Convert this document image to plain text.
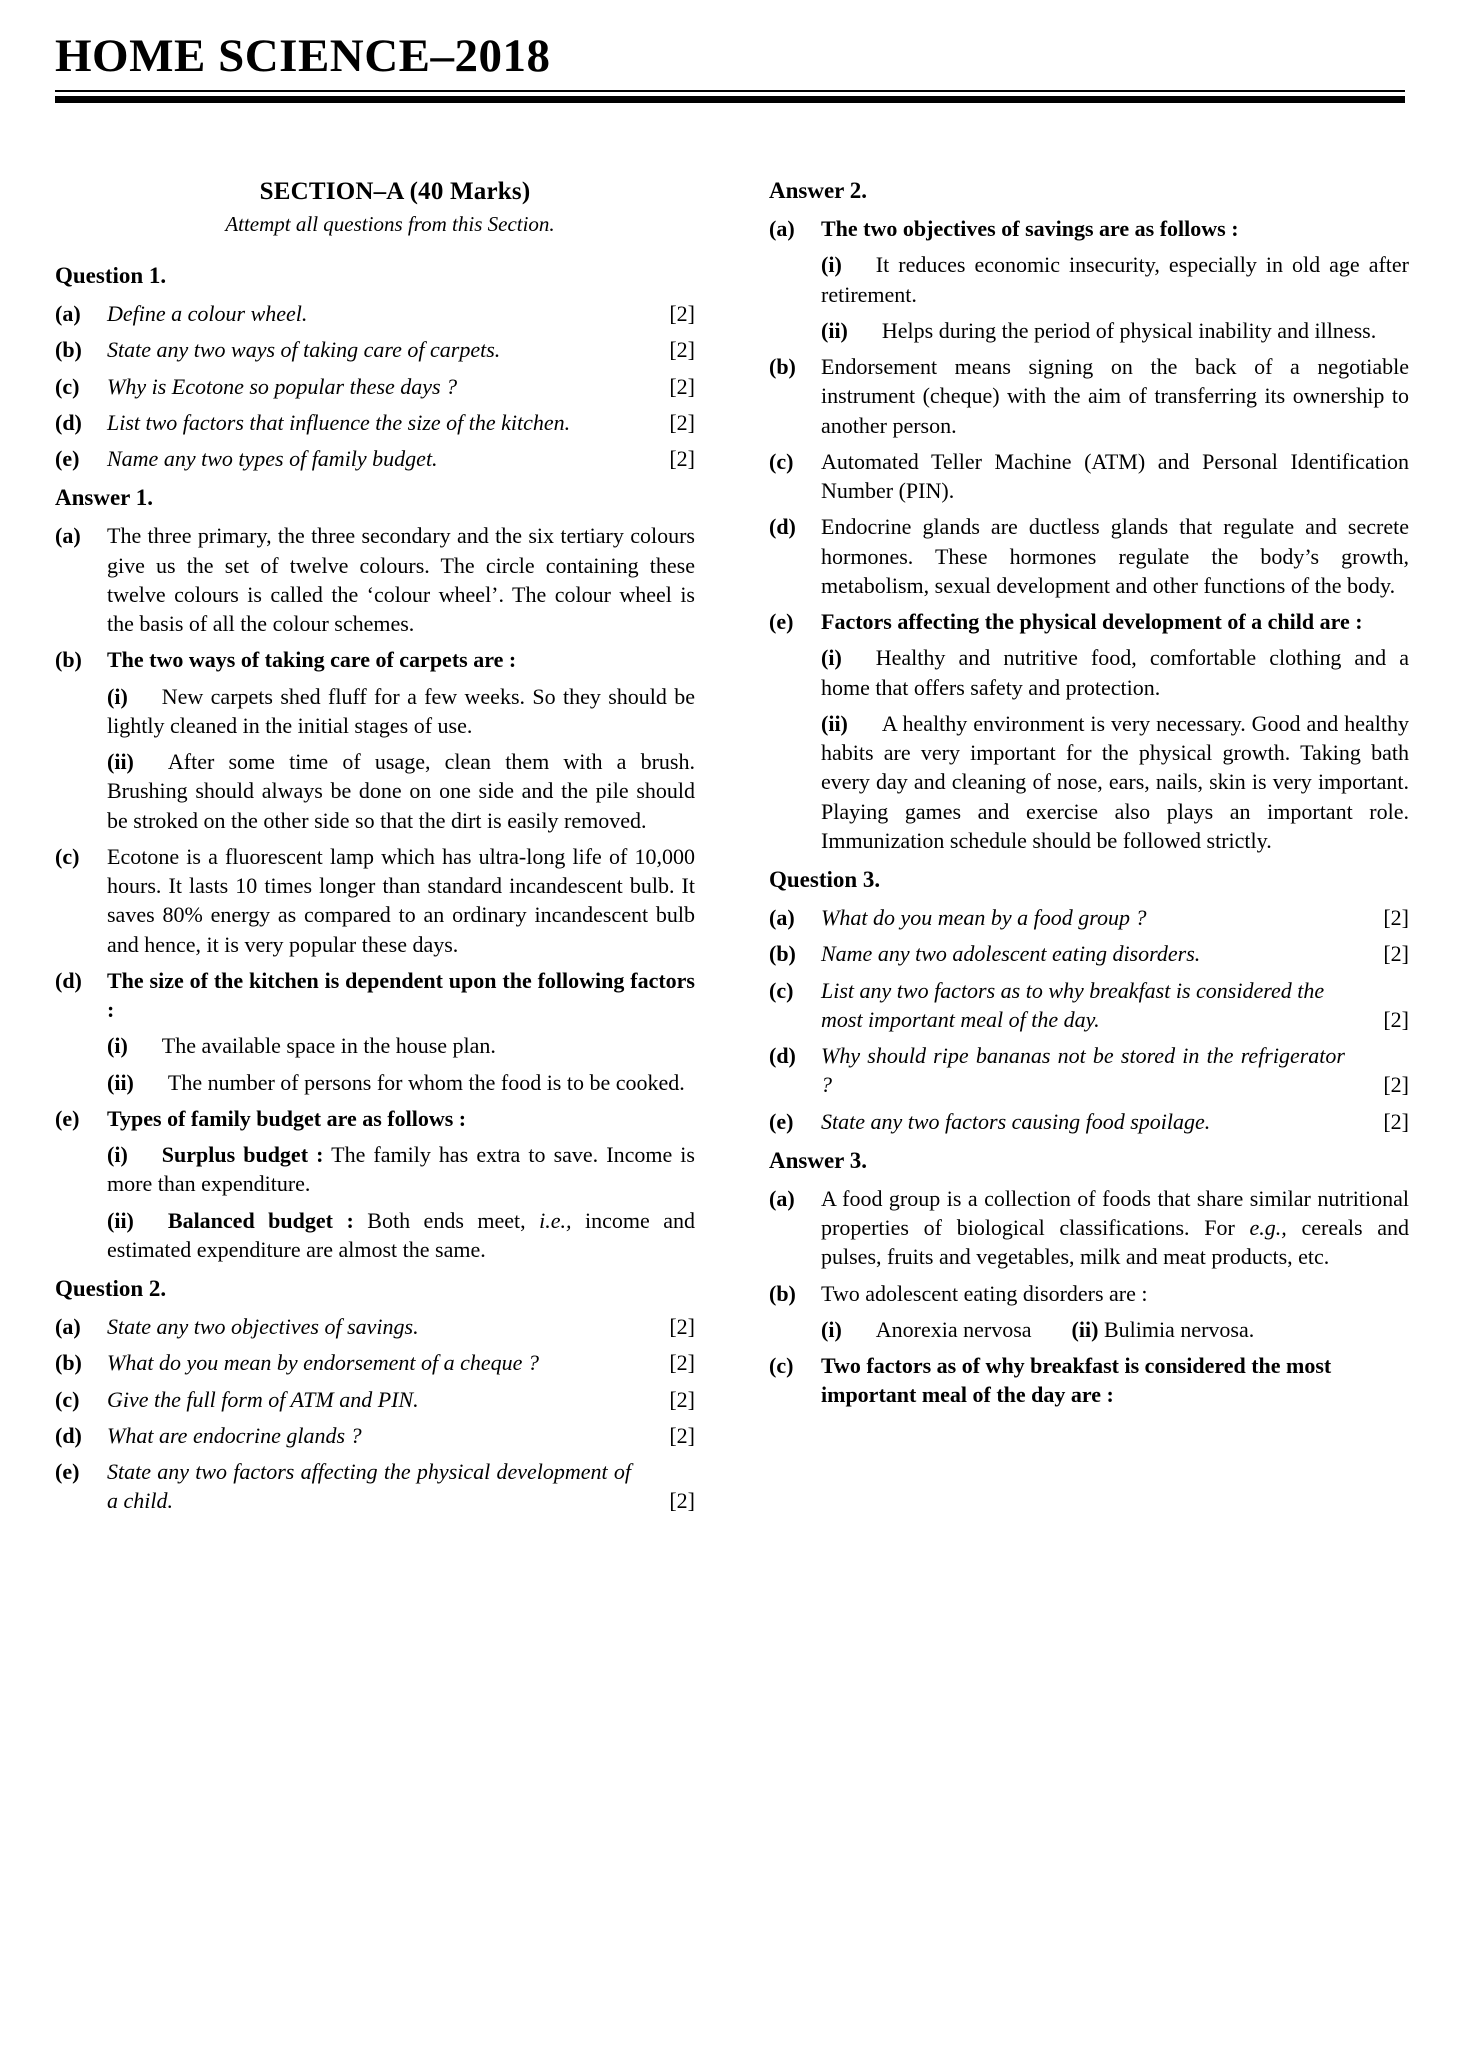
HOME SCIENCE–2018
SECTION–A (40 Marks)
Attempt all questions from this Section.
Question 1.
(a)	Define a colour wheel.	[2]
(b)	State any two ways of taking care of carpets.	[2]
(c)	Why is Ecotone so popular these days ?	[2]
(d)	List two factors that influence the size of the kitchen.	[2]
(e)	Name any two types of family budget.	[2]
Answer 1.
(a)	The three primary, the three secondary and the six tertiary colours give us the set of twelve colours. The circle containing these twelve colours is called the ‘colour wheel’. The colour wheel is the basis of all the colour schemes.
(b)	The two ways of taking care of carpets are :
(i) New carpets shed fluff for a few weeks. So they should be lightly cleaned in the initial stages of use.
(ii) After some time of usage, clean them with a brush. Brushing should always be done on one side and the pile should be stroked on the other side so that the dirt is easily removed.
(c)	Ecotone is a fluorescent lamp which has ultra-long life of 10,000 hours. It lasts 10 times longer than standard incandescent bulb. It saves 80% energy as compared to an ordinary incandescent bulb and hence, it is very popular these days.
(d)	The size of the kitchen is dependent upon the following factors :
(i) The available space in the house plan.
(ii) The number of persons for whom the food is to be cooked.
(e)	Types of family budget are as follows :
(i) Surplus budget : The family has extra to save. Income is more than expenditure.
(ii) Balanced budget : Both ends meet, i.e., income and estimated expenditure are almost the same.
Question 2.
(a)	State any two objectives of savings.	[2]
(b)	What do you mean by endorsement of a cheque ?	[2]
(c)	Give the full form of ATM and PIN.	[2]
(d)	What are endocrine glands ?	[2]
(e)	State any two factors affecting the physical development of a child.	[2]
Answer 2.
(a)	The two objectives of savings are as follows :
(i) It reduces economic insecurity, especially in old age after retirement.
(ii) Helps during the period of physical inability and illness.
(b)	Endorsement means signing on the back of a negotiable instrument (cheque) with the aim of transferring its ownership to another person.
(c)	Automated Teller Machine (ATM) and Personal Identification Number (PIN).
(d)	Endocrine glands are ductless glands that regulate and secrete hormones. These hormones regulate the body’s growth, metabolism, sexual development and other functions of the body.
(e)	Factors affecting the physical development of a child are :
(i) Healthy and nutritive food, comfortable clothing and a home that offers safety and protection.
(ii) A healthy environment is very necessary. Good and healthy habits are very important for the physical growth. Taking bath every day and cleaning of nose, ears, nails, skin is very important. Playing games and exercise also plays an important role. Immunization schedule should be followed strictly.
Question 3.
(a)	What do you mean by a food group ?	[2]
(b)	Name any two adolescent eating disorders.	[2]
(c)	List any two factors as to why breakfast is considered the most important meal of the day.	[2]
(d)	Why should ripe bananas not be stored in the refrigerator ?	[2]
(e)	State any two factors causing food spoilage.	[2]
Answer 3.
(a)	A food group is a collection of foods that share similar nutritional properties of biological classifications. For e.g., cereals and pulses, fruits and vegetables, milk and meat products, etc.
(b)	Two adolescent eating disorders are :
(i) Anorexia nervosa (ii) Bulimia nervosa.
(c)	Two factors as of why breakfast is considered the most important meal of the day are :
